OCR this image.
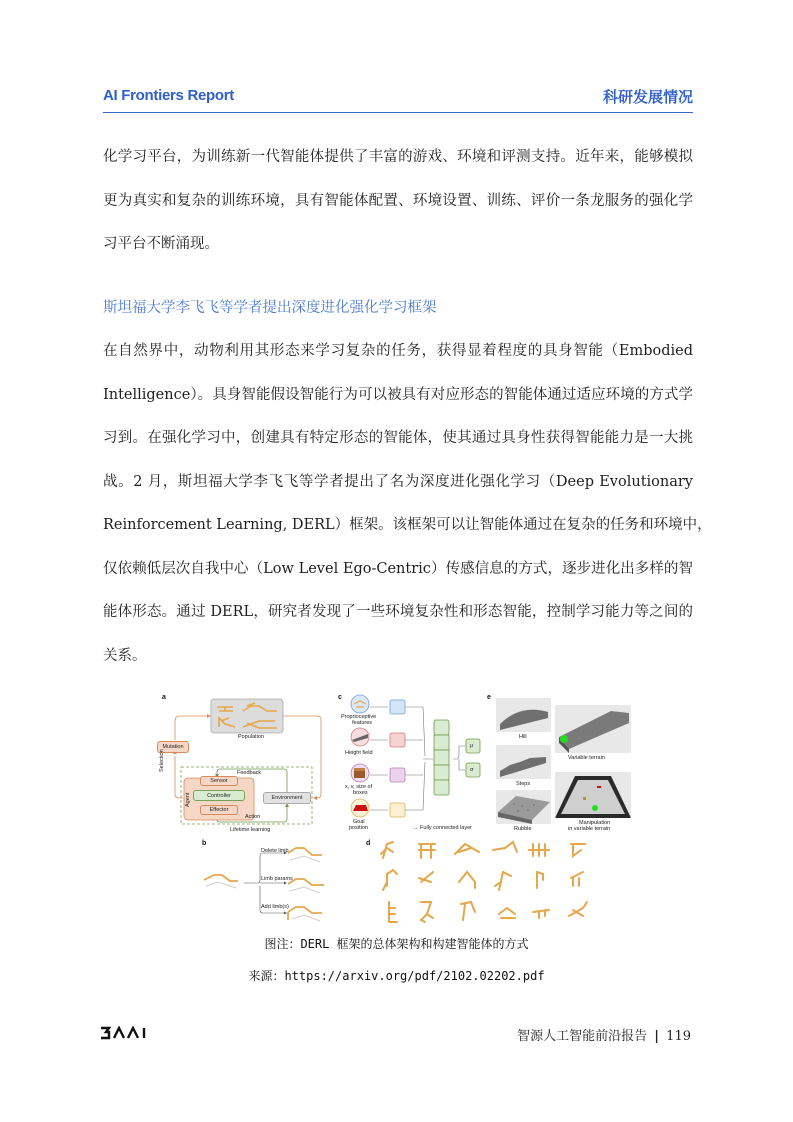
AI Frontiers Report	科研发展情况
化学习平台，为训练新一代智能体提供了丰富的游戏、环境和评测支持。近年来，能够模拟
更为真实和复杂的训练环境，具有智能体配置、环境设置、训练、评价一条龙服务的强化学
习平台不断涌现。
斯坦福大学李飞飞等学者提出深度进化强化学习框架
在自然界中，动物利用其形态来学习复杂的任务，获得显着程度的具身智能（Embodied
Intelligence）。具身智能假设智能行为可以被具有对应形态的智能体通过适应环境的方式学
习到。在强化学习中，创建具有特定形态的智能体，使其通过具身性获得智能能力是一大挑
战。2 月，斯坦福大学李飞飞等学者提出了名为深度进化强化学习（Deep Evolutionary
Reinforcement Learning, DERL）框架。该框架可以让智能体通过在复杂的任务和环境中，
仅依赖低层次自我中心（Low Level Ego-Centric）传感信息的方式，逐步进化出多样的智
能体形态。通过 DERL，研究者发现了一些环境复杂性和形态智能，控制学习能力等之间的
关系。
a
Population
Mutation
Selection
Feedback
Agent
Sensor
Controller
Effector
Environment
Action
Lifetime learning
b
Delete limb
Limb params
Add limb(s)
c
Proprioceptive
features
Height field
x, v, size of
boxes
Goal
position
μ
σ
→ Fully connected layer
e
Hill
Steps
Rubble
Variable terrain
Manipulation
in variable terrain
d
图注：DERL 框架的总体架构和构建智能体的方式
来源：https://arxiv.org/pdf/2102.02202.pdf
智源人工智能前沿报告 | 119
